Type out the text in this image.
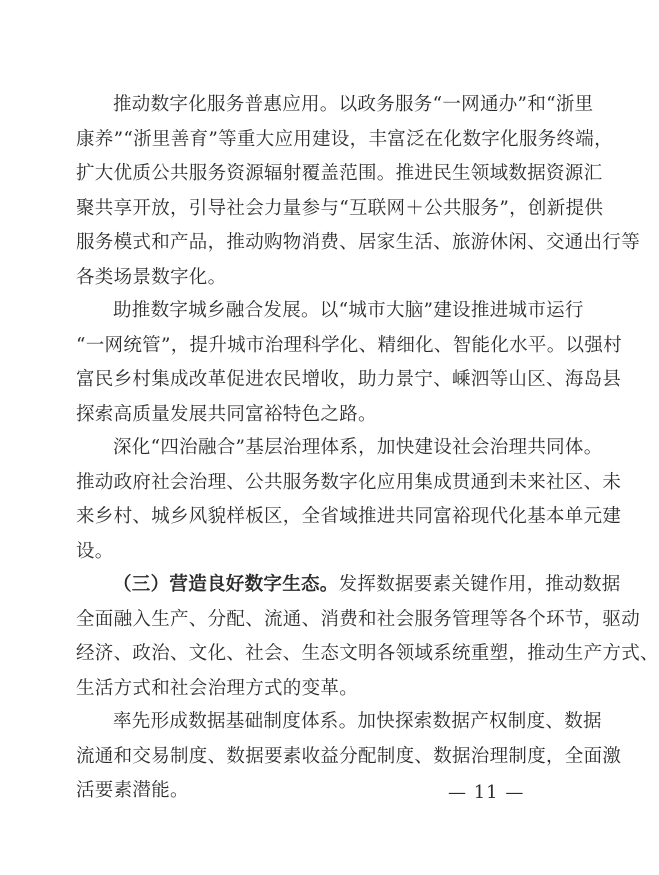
推动数字化服务普惠应用。以政务服务“一网通办”和“浙里
康养”“浙里善育”等重大应用建设，丰富泛在化数字化服务终端，
扩大优质公共服务资源辐射覆盖范围。推进民生领域数据资源汇
聚共享开放，引导社会力量参与“互联网＋公共服务”，创新提供
服务模式和产品，推动购物消费、居家生活、旅游休闲、交通出行等
各类场景数字化。
助推数字城乡融合发展。以“城市大脑”建设推进城市运行
“一网统管”，提升城市治理科学化、精细化、智能化水平。以强村
富民乡村集成改革促进农民增收，助力景宁、嵊泗等山区、海岛县
探索高质量发展共同富裕特色之路。
深化“四治融合”基层治理体系，加快建设社会治理共同体。
推动政府社会治理、公共服务数字化应用集成贯通到未来社区、未
来乡村、城乡风貌样板区，全省域推进共同富裕现代化基本单元建
设。
（三）营造良好数字生态。发挥数据要素关键作用，推动数据
全面融入生产、分配、流通、消费和社会服务管理等各个环节，驱动
经济、政治、文化、社会、生态文明各领域系统重塑，推动生产方式、
生活方式和社会治理方式的变革。
率先形成数据基础制度体系。加快探索数据产权制度、数据
流通和交易制度、数据要素收益分配制度、数据治理制度，全面激
活要素潜能。	— 11 —
